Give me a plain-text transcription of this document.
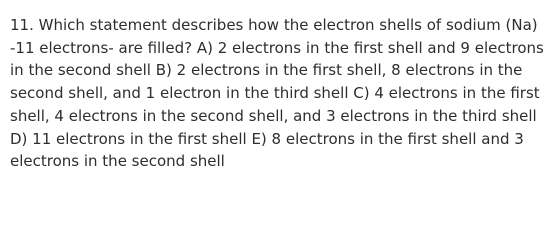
11. Which statement describes how the electron shells of sodium (Na) -11 electrons- are filled? A) 2 electrons in the first shell and 9 electrons in the second shell B) 2 electrons in the first shell, 8 electrons in the second shell, and 1 electron in the third shell C) 4 electrons in the first shell, 4 electrons in the second shell, and 3 electrons in the third shell D) 11 electrons in the first shell E) 8 electrons in the first shell and 3 electrons in the second shell
